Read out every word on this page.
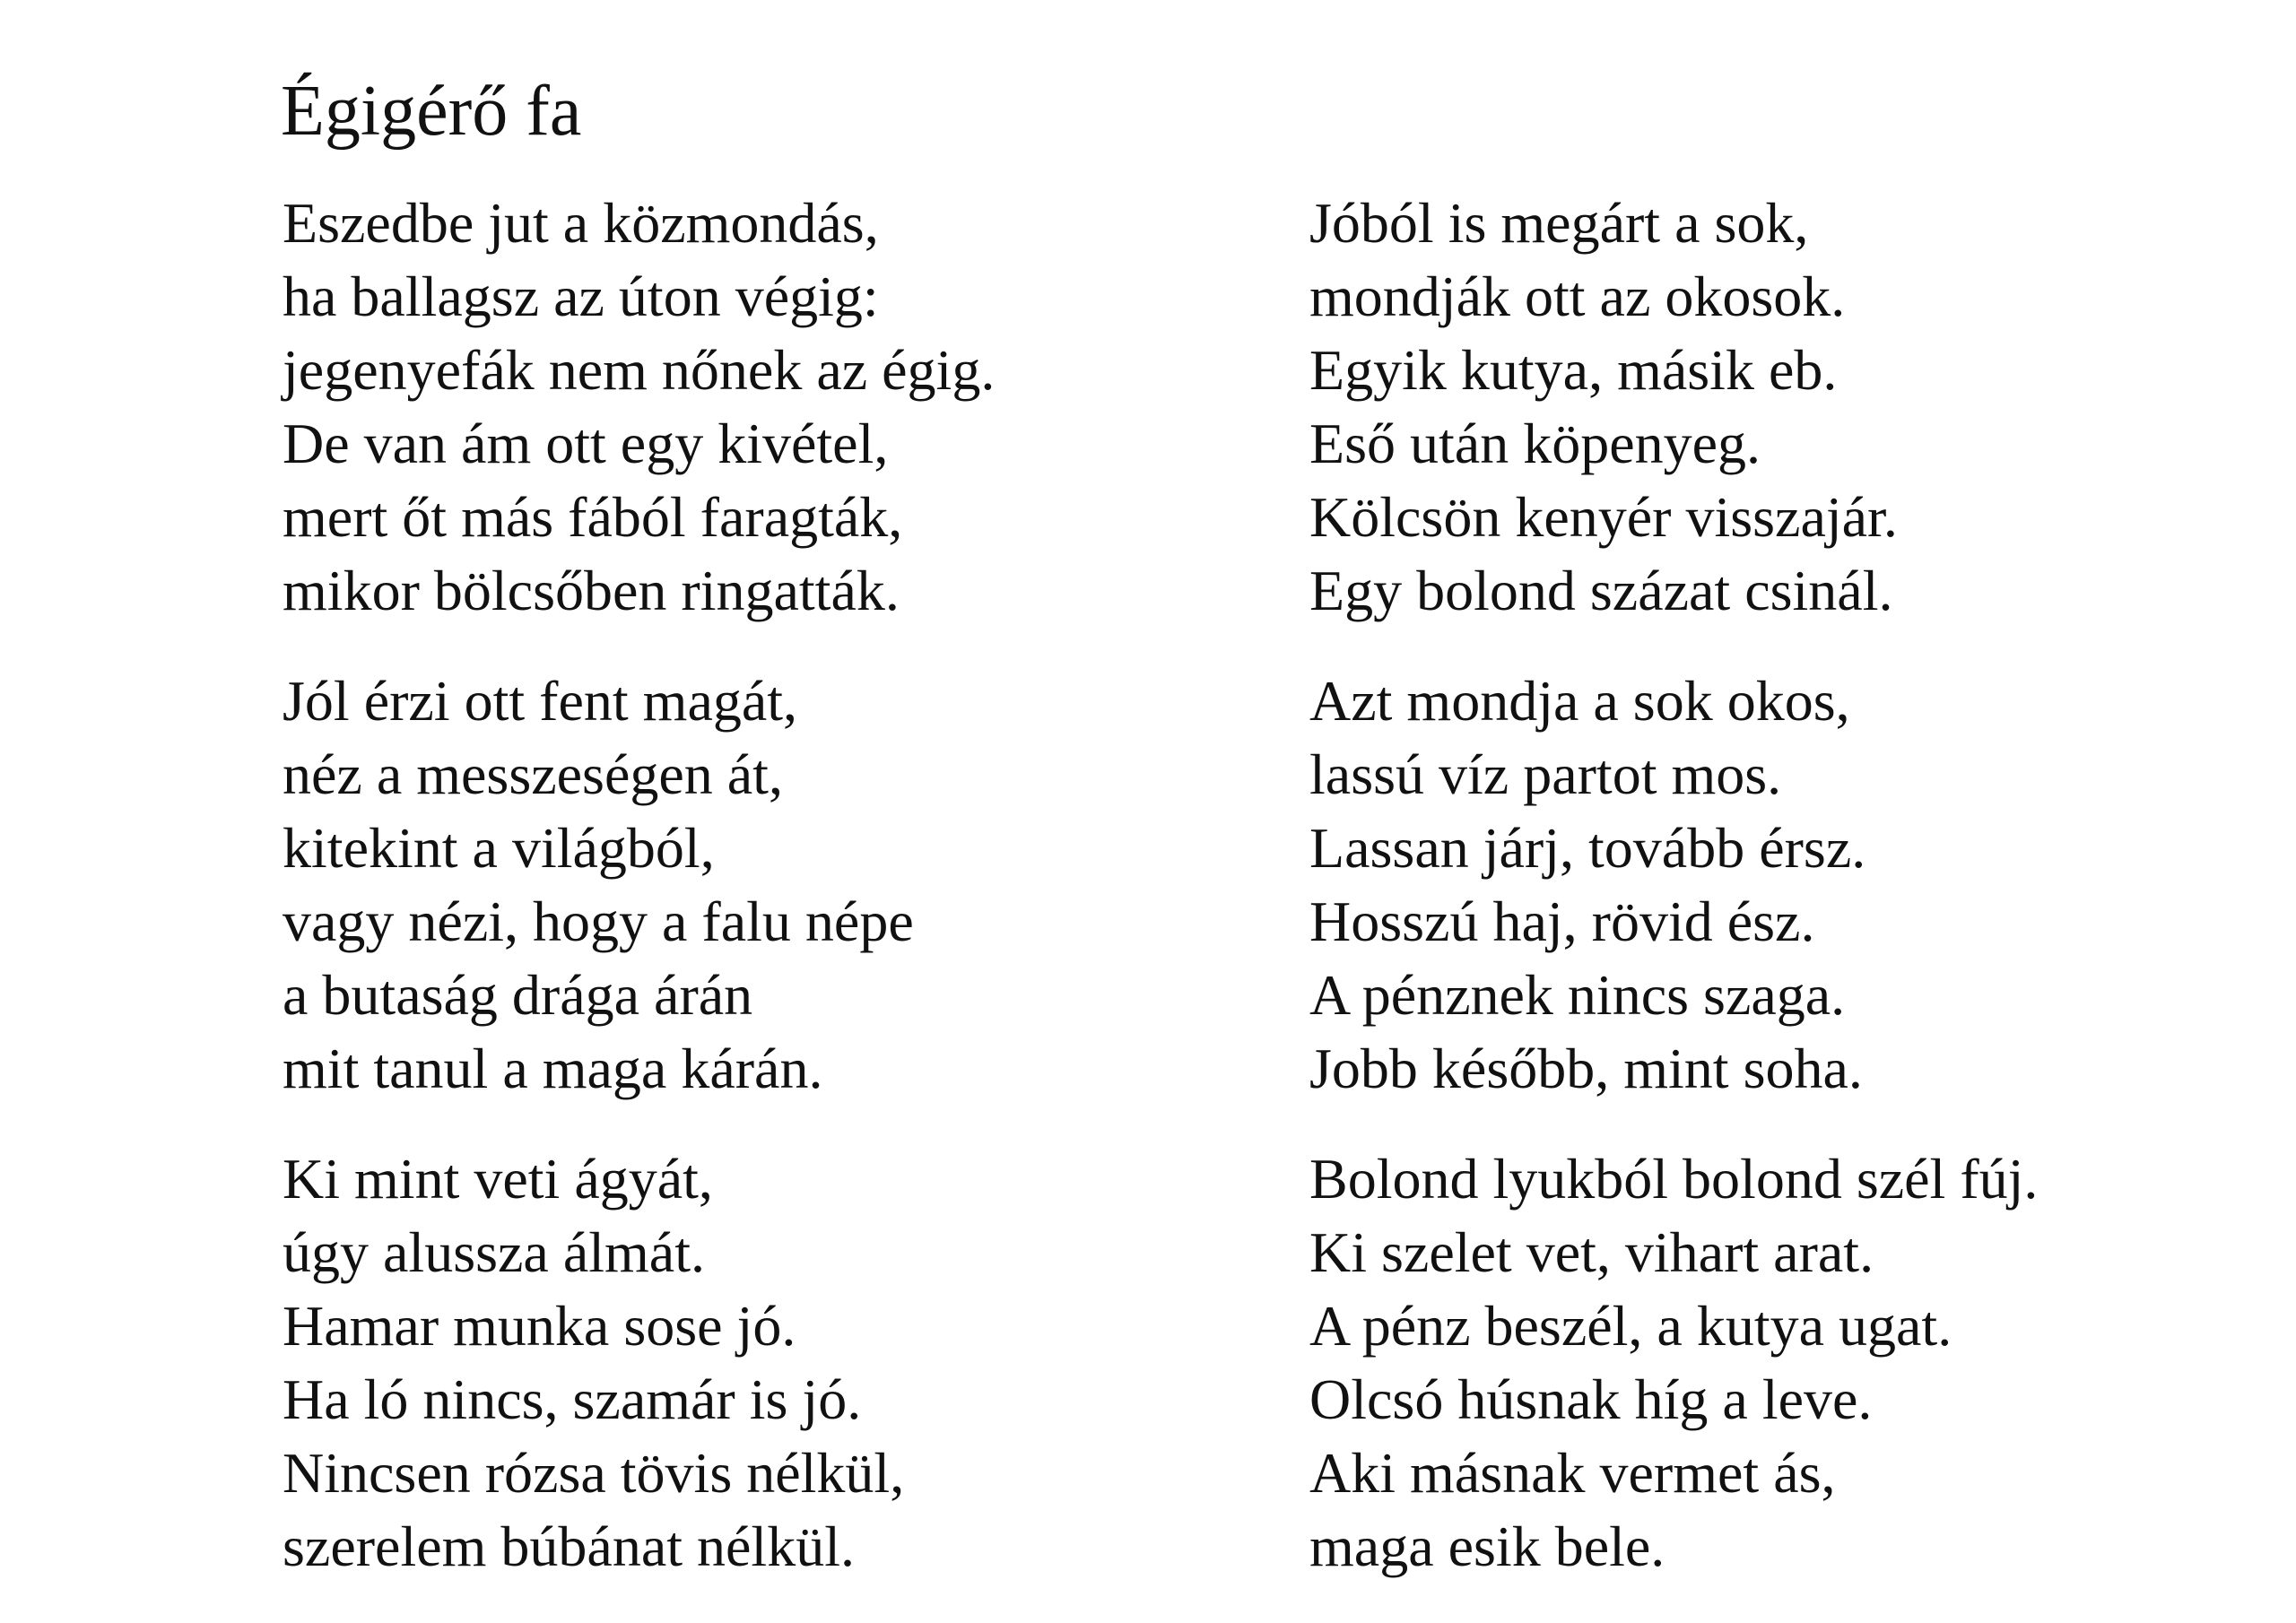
Égigérő fa
Eszedbe jut a közmondás,
ha ballagsz az úton végig:
jegenyefák nem nőnek az égig.
De van ám ott egy kivétel,
mert őt más fából faragták,
mikor bölcsőben ringatták.
Jól érzi ott fent magát,
néz a messzeségen át,
kitekint a világból,
vagy nézi, hogy a falu népe
a butaság drága árán
mit tanul a maga kárán.
Ki mint veti ágyát,
úgy alussza álmát.
Hamar munka sose jó.
Ha ló nincs, szamár is jó.
Nincsen rózsa tövis nélkül,
szerelem búbánat nélkül.
Jóból is megárt a sok,
mondják ott az okosok.
Egyik kutya, másik eb.
Eső után köpenyeg.
Kölcsön kenyér visszajár.
Egy bolond százat csinál.
Azt mondja a sok okos,
lassú víz partot mos.
Lassan járj, tovább érsz.
Hosszú haj, rövid ész.
A pénznek nincs szaga.
Jobb később, mint soha.
Bolond lyukból bolond szél fúj.
Ki szelet vet, vihart arat.
A pénz beszél, a kutya ugat.
Olcsó húsnak híg a leve.
Aki másnak vermet ás,
maga esik bele.
